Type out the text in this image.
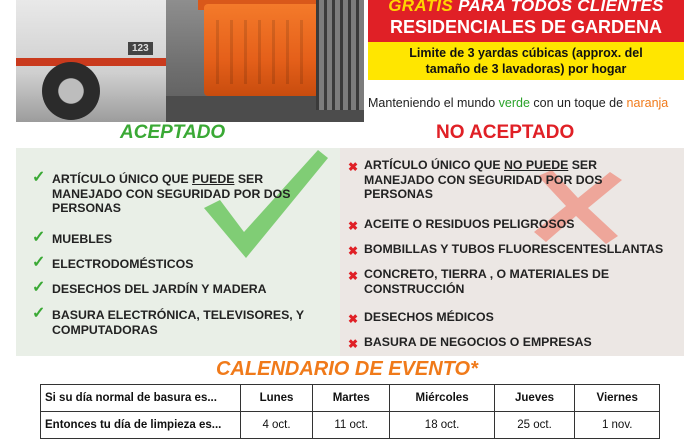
123
GRATIS PARA TODOS CLIENTES
RESIDENCIALES DE GARDENA
Limite de 3 yardas cúbicas (approx. del
tamaño de 3 lavadoras) por hogar
Manteniendo el mundo verde con un toque de naranja
ACEPTADO	NO ACEPTADO
✓ ARTÍCULO ÚNICO QUE PUEDE SER
MANEJADO CON SEGURIDAD POR DOS
PERSONAS
✓ MUEBLES
✓ ELECTRODOMÉSTICOS
✓ DESECHOS DEL JARDÍN Y MADERA
✓ BASURA ELECTRÓNICA, TELEVISORES, Y
COMPUTADORAS
✖ ARTÍCULO ÚNICO QUE NO PUEDE SER
MANEJADO CON SEGURIDAD POR DOS
PERSONAS
✖ ACEITE O RESIDUOS PELIGROSOS
✖ BOMBILLAS Y TUBOS FLUORESCENTESLLANTAS
✖ CONCRETO, TIERRA , O MATERIALES DE
CONSTRUCCIÓN
✖ DESECHOS MÉDICOS
✖ BASURA DE NEGOCIOS O EMPRESAS
CALENDARIO DE EVENTO*
Si su día normal de basura es...	Lunes	Martes	Miércoles	Jueves	Viernes
Entonces tu día de limpieza es...	4 oct.	11 oct.	18 oct.	25 oct.	1 nov.
